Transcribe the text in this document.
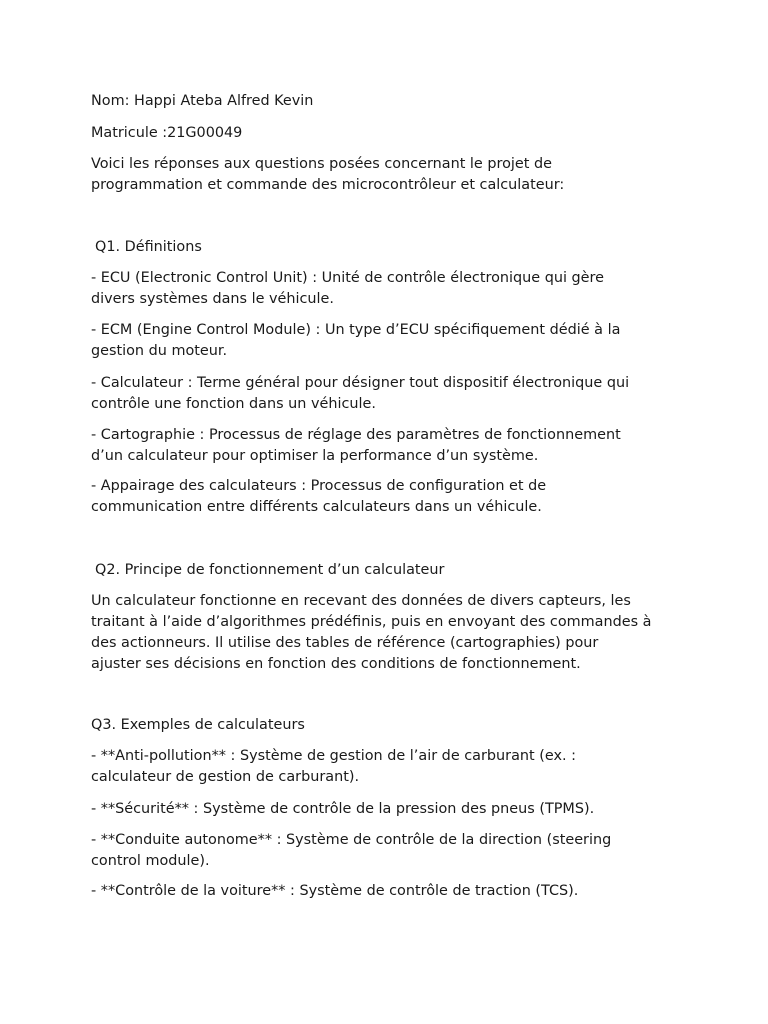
Nom: Happi Ateba Alfred Kevin

Matricule :21G00049

Voici les réponses aux questions posées concernant le projet de

programmation et commande des microcontrôleur et calculateur:

Q1. Définitions

- ECU (Electronic Control Unit) : Unité de contrôle électronique qui gère

divers systèmes dans le véhicule.

- ECM (Engine Control Module) : Un type d’ECU spécifiquement dédié à la

gestion du moteur.

- Calculateur : Terme général pour désigner tout dispositif électronique qui

contrôle une fonction dans un véhicule.

- Cartographie : Processus de réglage des paramètres de fonctionnement

d’un calculateur pour optimiser la performance d’un système.

- Appairage des calculateurs : Processus de configuration et de

communication entre différents calculateurs dans un véhicule.

Q2. Principe de fonctionnement d’un calculateur

Un calculateur fonctionne en recevant des données de divers capteurs, les

traitant à l’aide d’algorithmes prédéfinis, puis en envoyant des commandes à

des actionneurs. Il utilise des tables de référence (cartographies) pour

ajuster ses décisions en fonction des conditions de fonctionnement.

Q3. Exemples de calculateurs

- **Anti-pollution** : Système de gestion de l’air de carburant (ex. :

calculateur de gestion de carburant).

- **Sécurité** : Système de contrôle de la pression des pneus (TPMS).

- **Conduite autonome** : Système de contrôle de la direction (steering

control module).

- **Contrôle de la voiture** : Système de contrôle de traction (TCS).
